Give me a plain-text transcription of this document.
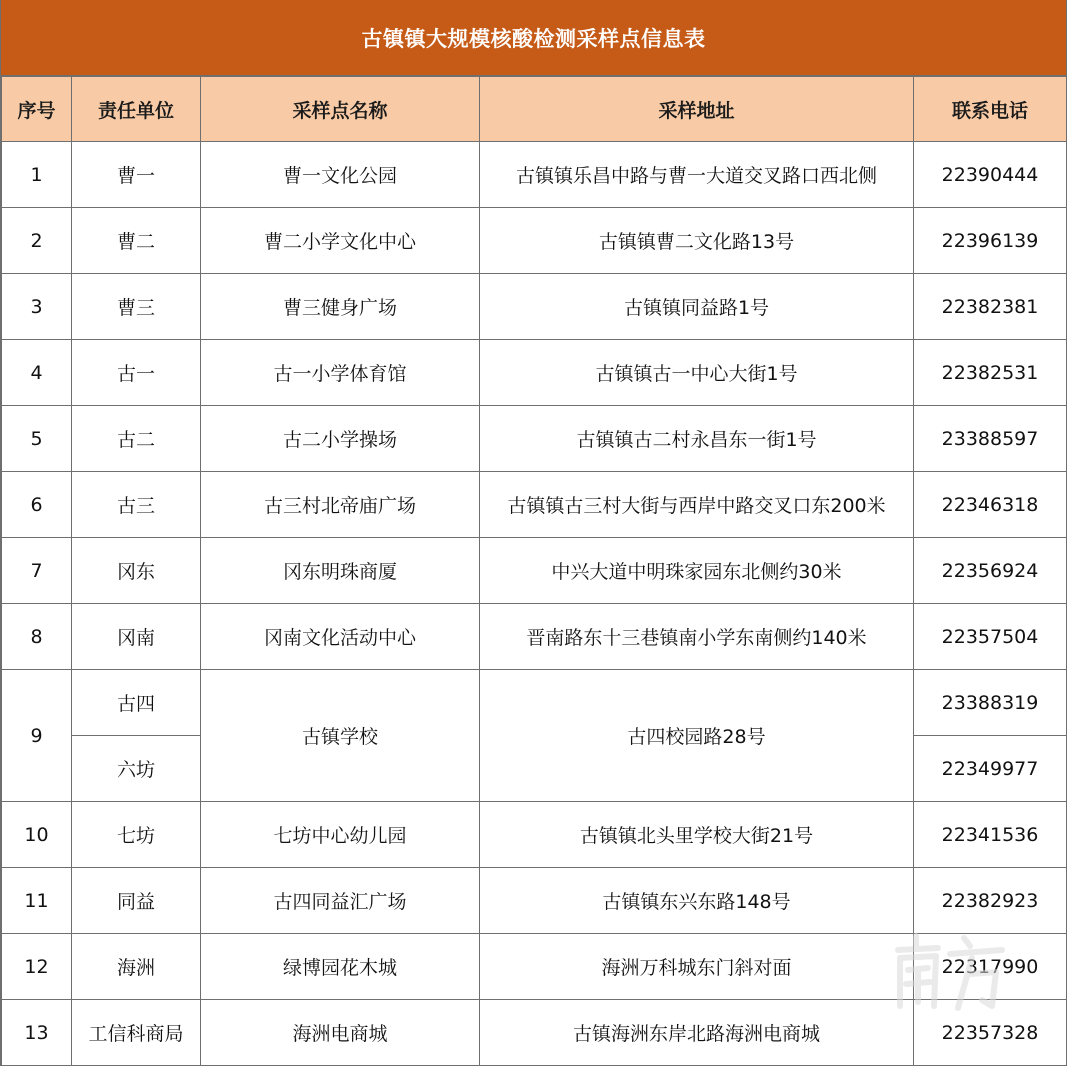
古镇镇大规模核酸检测采样点信息表
序号	责任单位	采样点名称	采样地址	联系电话
1	曹一	曹一文化公园	古镇镇乐昌中路与曹一大道交叉路口西北侧	22390444
2	曹二	曹二小学文化中心	古镇镇曹二文化路13号	22396139
3	曹三	曹三健身广场	古镇镇同益路1号	22382381
4	古一	古一小学体育馆	古镇镇古一中心大街1号	22382531
5	古二	古二小学操场	古镇镇古二村永昌东一街1号	23388597
6	古三	古三村北帝庙广场	古镇镇古三村大街与西岸中路交叉口东200米	22346318
7	冈东	冈东明珠商厦	中兴大道中明珠家园东北侧约30米	22356924
8	冈南	冈南文化活动中心	晋南路东十三巷镇南小学东南侧约140米	22357504
9	古四	古镇学校	古四校园路28号	23388319
	六坊			22349977
10	七坊	七坊中心幼儿园	古镇镇北头里学校大街21号	22341536
11	同益	古四同益汇广场	古镇镇东兴东路148号	22382923
12	海洲	绿博园花木城	海洲万科城东门斜对面	22317990
13	工信科商局	海洲电商城	古镇海洲东岸北路海洲电商城	22357328
